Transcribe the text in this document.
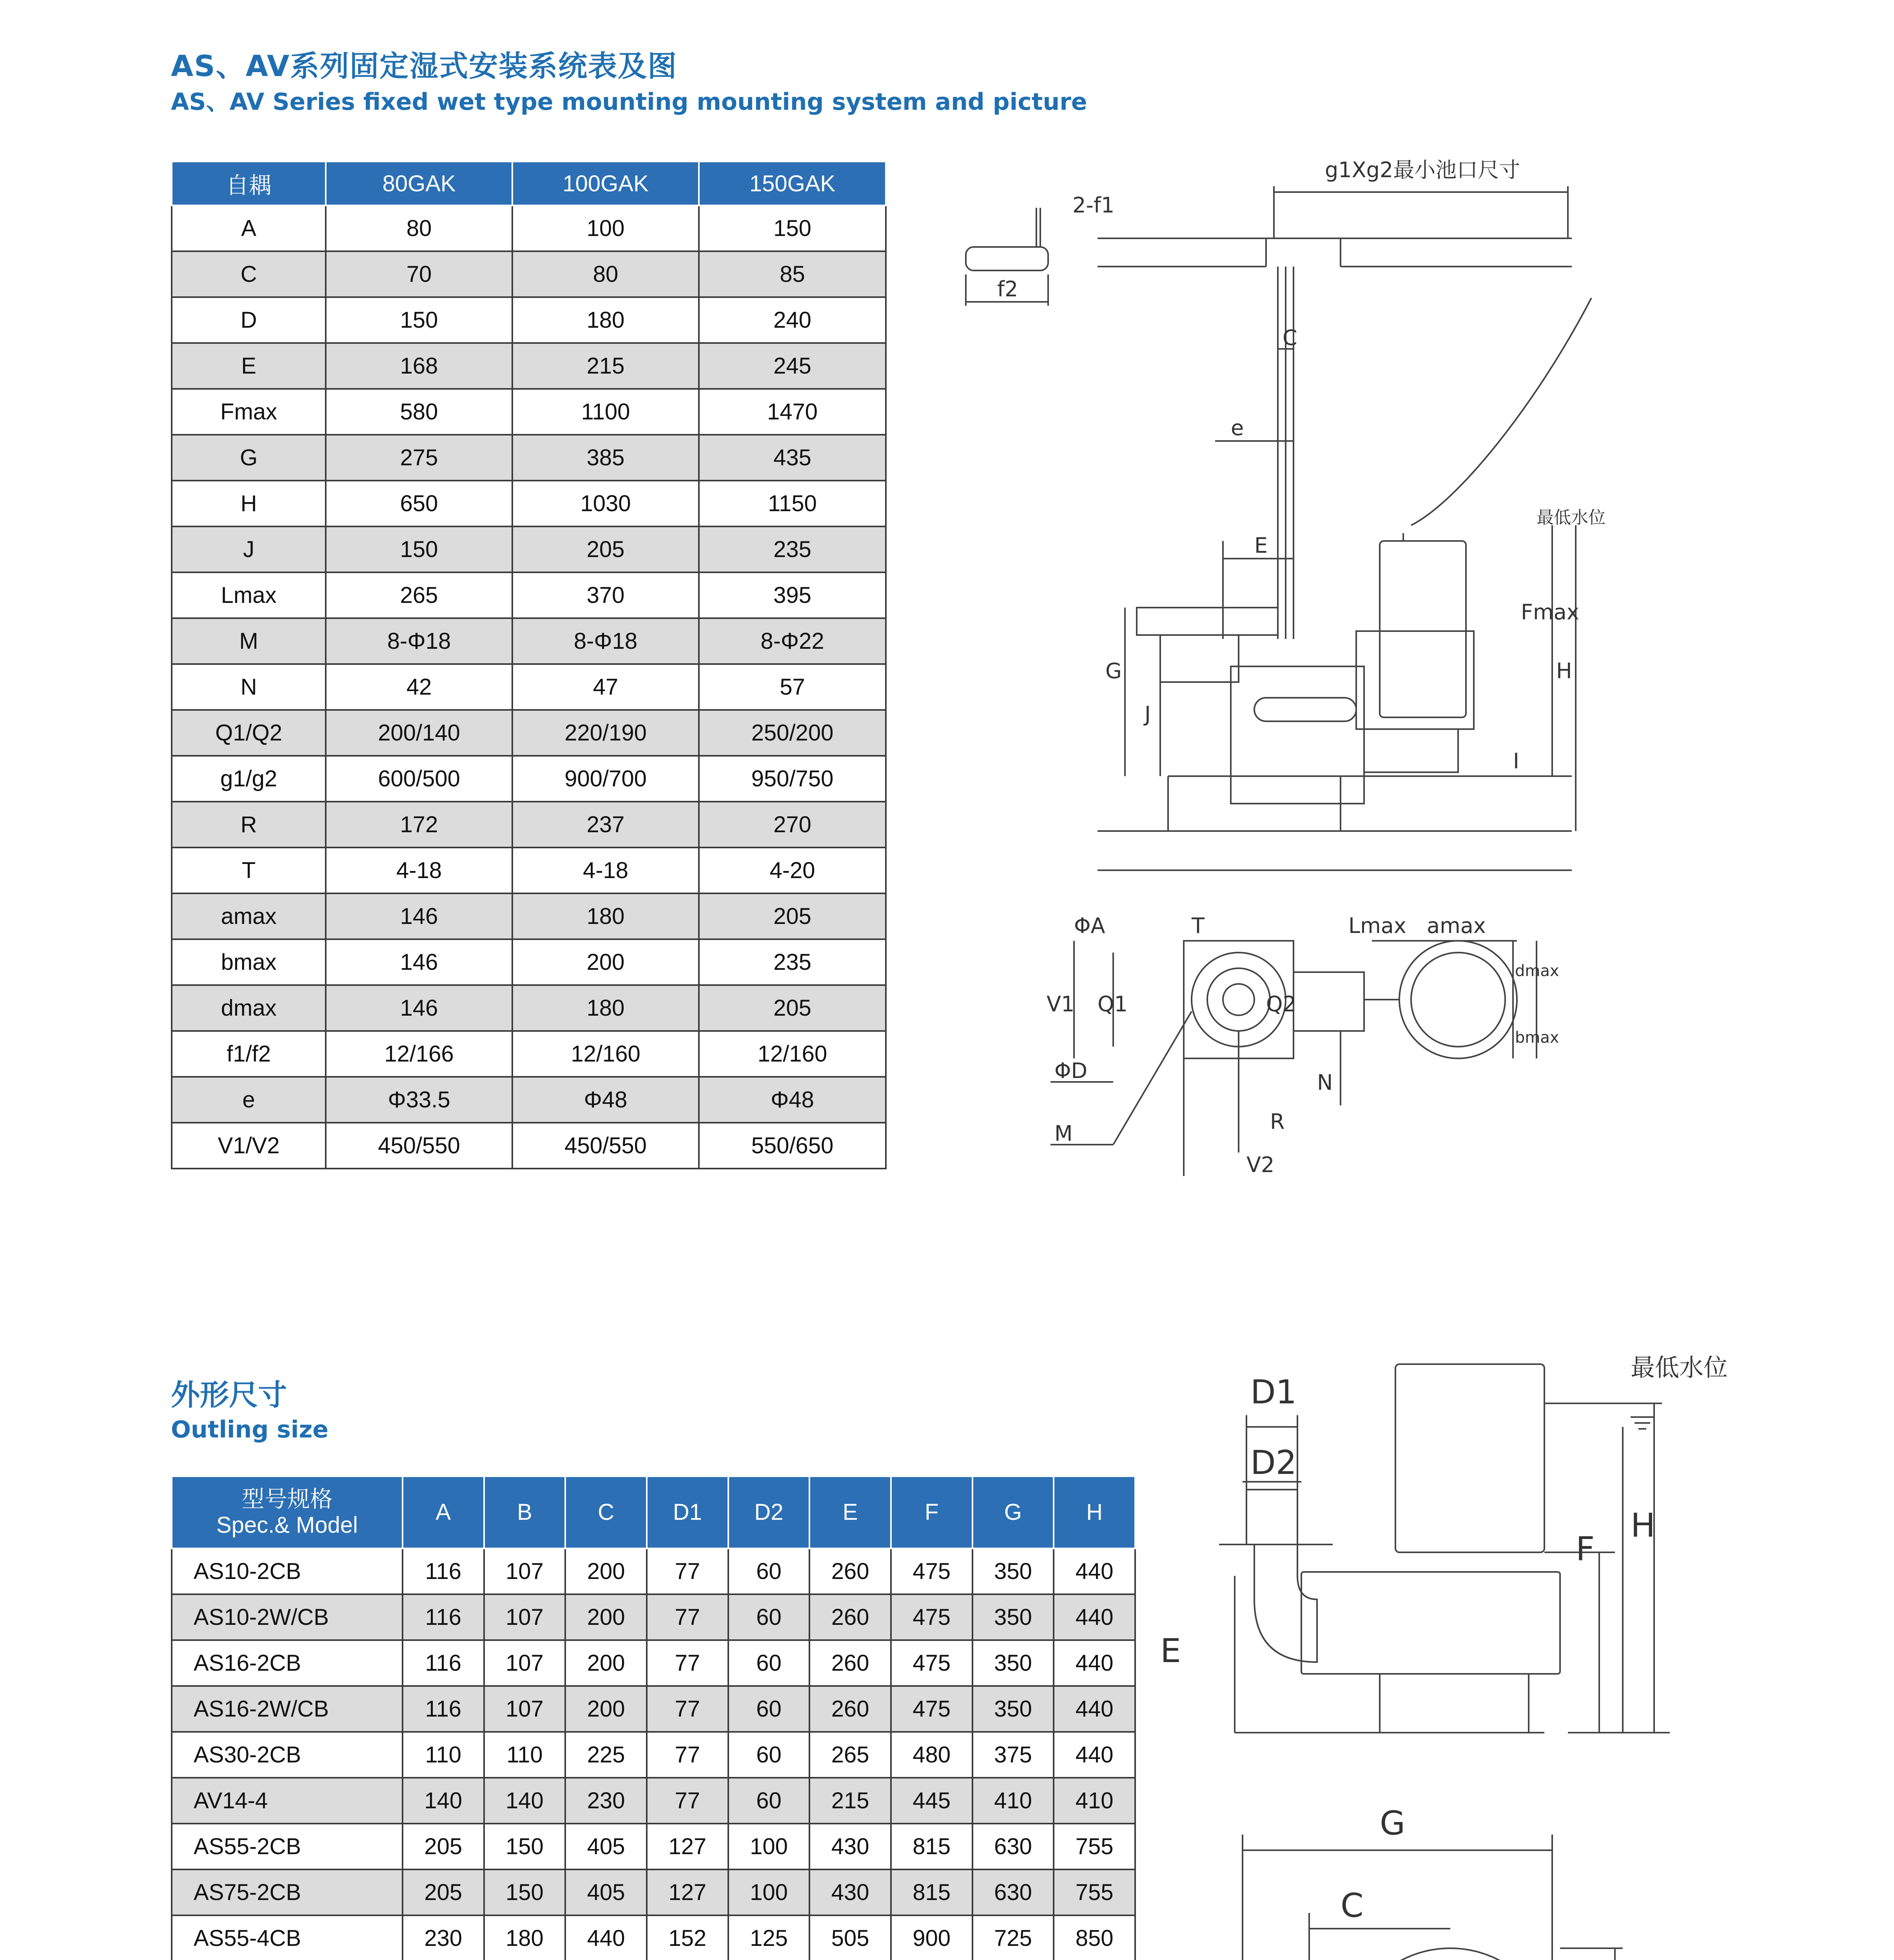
AS、AV系列固定湿式安装系统表及图
AS、AV Series fixed wet type mounting mounting system and picture
自耦	80GAK	100GAK	150GAK
A	80	100	150
C	70	80	85
D	150	180	240
E	168	215	245
Fmax	580	1100	1470
G	275	385	435
H	650	1030	1150
J	150	205	235
Lmax	265	370	395
M	8-Φ18	8-Φ18	8-Φ22
N	42	47	57
Q1/Q2	200/140	220/190	250/200
g1/g2	600/500	900/700	950/750
R	172	237	270
T	4-18	4-18	4-20
amax	146	180	205
bmax	146	200	235
dmax	146	180	205
f1/f2	12/166	12/160	12/160
e	Φ33.5	Φ48	Φ48
V1/V2	450/550	450/550	550/650
g1Xg2最小池口尺寸
2-f1
f2
C
e
E
G
J
I
Fmax
H
最低水位
ΦA	T	Lmax amax
V1 Q1	Q2
dmax
bmax
ΦD
M
N
R
V2
外形尺寸
Outling size
型号规格
Spec.& Model	A	B	C	D1	D2	E	F	G	H
AS10-2CB	116	107	200	77	60	260	475	350	440
AS10-2W/CB	116	107	200	77	60	260	475	350	440
AS16-2CB	116	107	200	77	60	260	475	350	440
AS16-2W/CB	116	107	200	77	60	260	475	350	440
AS30-2CB	110	110	225	77	60	265	480	375	440
AV14-4	140	140	230	77	60	215	445	410	410
AS55-2CB	205	150	405	127	100	430	815	630	755
AS75-2CB	205	150	405	127	100	430	815	630	755
AS55-4CB	230	180	440	152	125	505	900	725	850

D1
D2
最低水位
F
H
E
G
C
